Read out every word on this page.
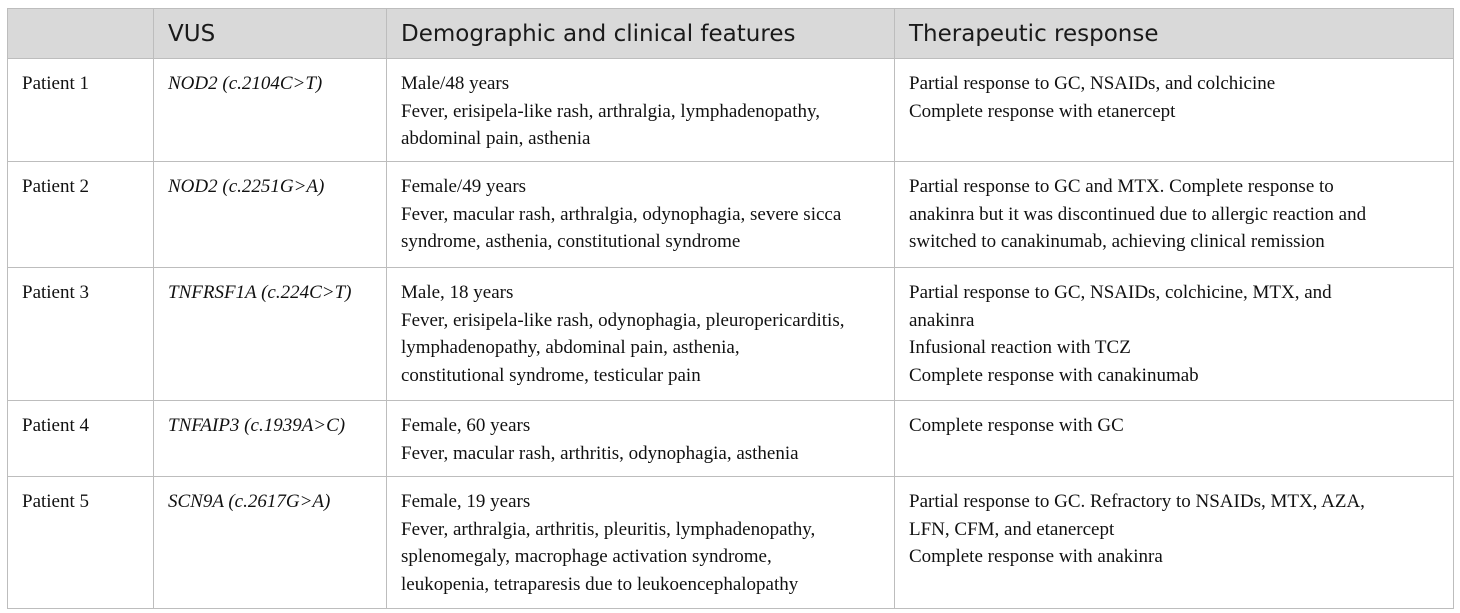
	VUS	Demographic and clinical features	Therapeutic response
Patient 1	NOD2 (c.2104C>T)	Male/48 years
Fever, erisipela-like rash, arthralgia, lymphadenopathy,
abdominal pain, asthenia	Partial response to GC, NSAIDs, and colchicine
Complete response with etanercept

Patient 2	NOD2 (c.2251G>A)	Female/49 years
Fever, macular rash, arthralgia, odynophagia, severe sicca
syndrome, asthenia, constitutional syndrome	Partial response to GC and MTX. Complete response to
anakinra but it was discontinued due to allergic reaction and
switched to canakinumab, achieving clinical remission

Patient 3	TNFRSF1A (c.224C>T)	Male, 18 years
Fever, erisipela-like rash, odynophagia, pleuropericarditis,
lymphadenopathy, abdominal pain, asthenia,
constitutional syndrome, testicular pain	Partial response to GC, NSAIDs, colchicine, MTX, and
anakinra
Infusional reaction with TCZ
Complete response with canakinumab

Patient 4	TNFAIP3 (c.1939A>C)	Female, 60 years
Fever, macular rash, arthritis, odynophagia, asthenia	Complete response with GC

Patient 5	SCN9A (c.2617G>A)	Female, 19 years
Fever, arthralgia, arthritis, pleuritis, lymphadenopathy,
splenomegaly, macrophage activation syndrome,
leukopenia, tetraparesis due to leukoencephalopathy	Partial response to GC. Refractory to NSAIDs, MTX, AZA,
LFN, CFM, and etanercept
Complete response with anakinra
